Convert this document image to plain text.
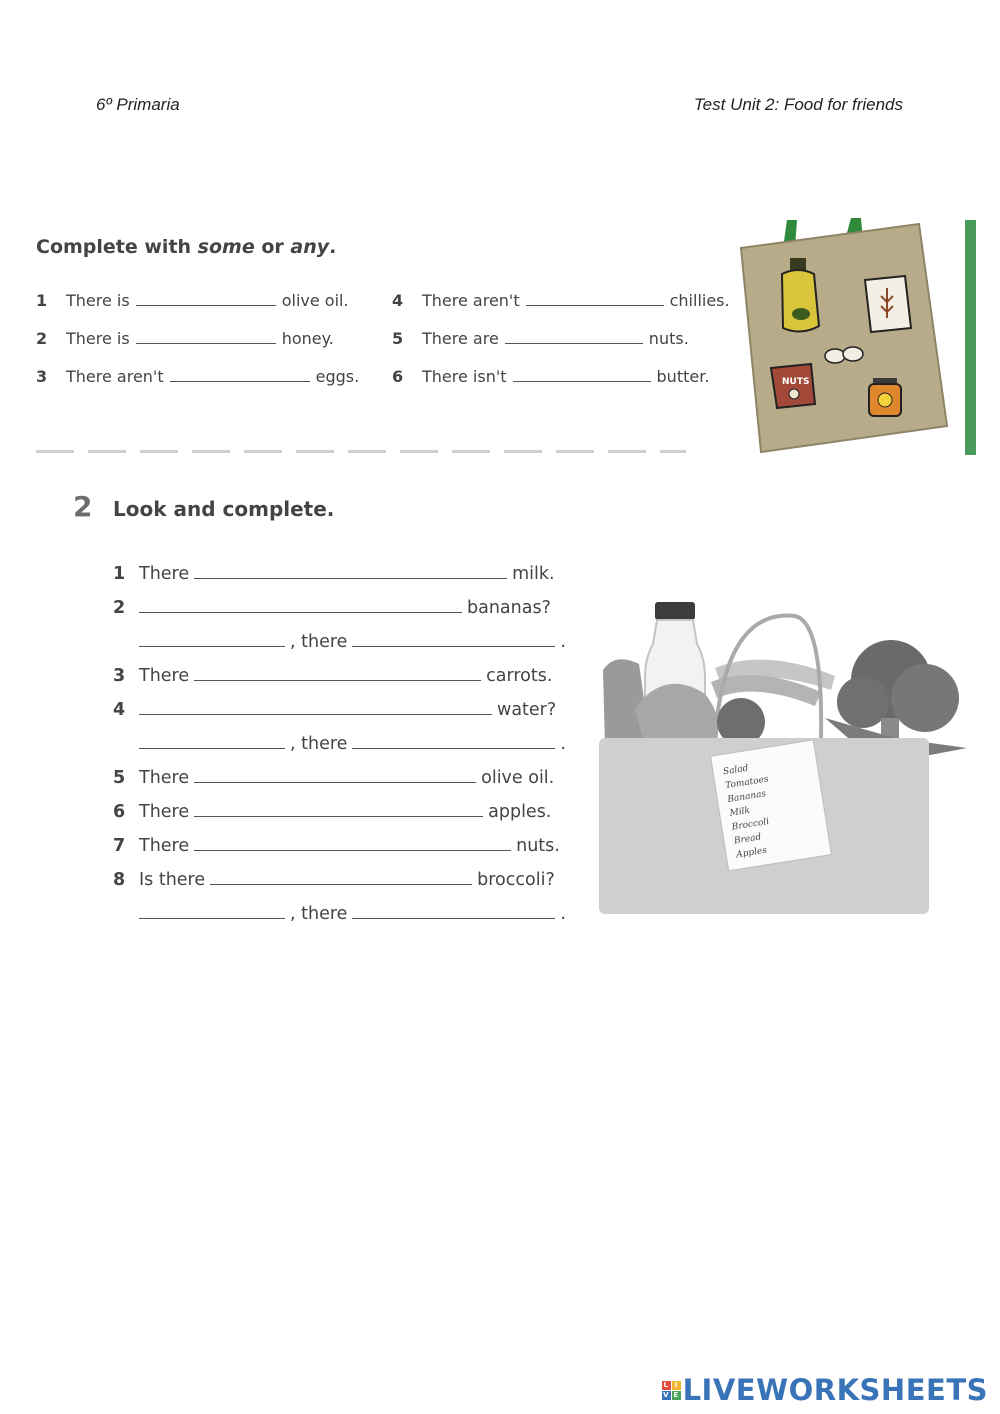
6º Primaria	Test Unit 2: Food for friends
Complete with some or any.
1	There is	olive oil.
2	There is	honey.
3	There aren't	eggs.
4	There aren't	chillies.
5	There are	nuts.
6	There isn't	butter.	NUTS
2 Look and complete.
1 There	milk.
2	bananas?
, there	.
3 There	carrots.
4	water?
, there	.
5 There	olive oil.
6 There	apples.
7 There	nuts.
8 Is there	broccoli?
, there	.
Salad Tomatoes Bananas Milk Broccoli Bread Apples
L I
V E LIVEWORKSHEETS
